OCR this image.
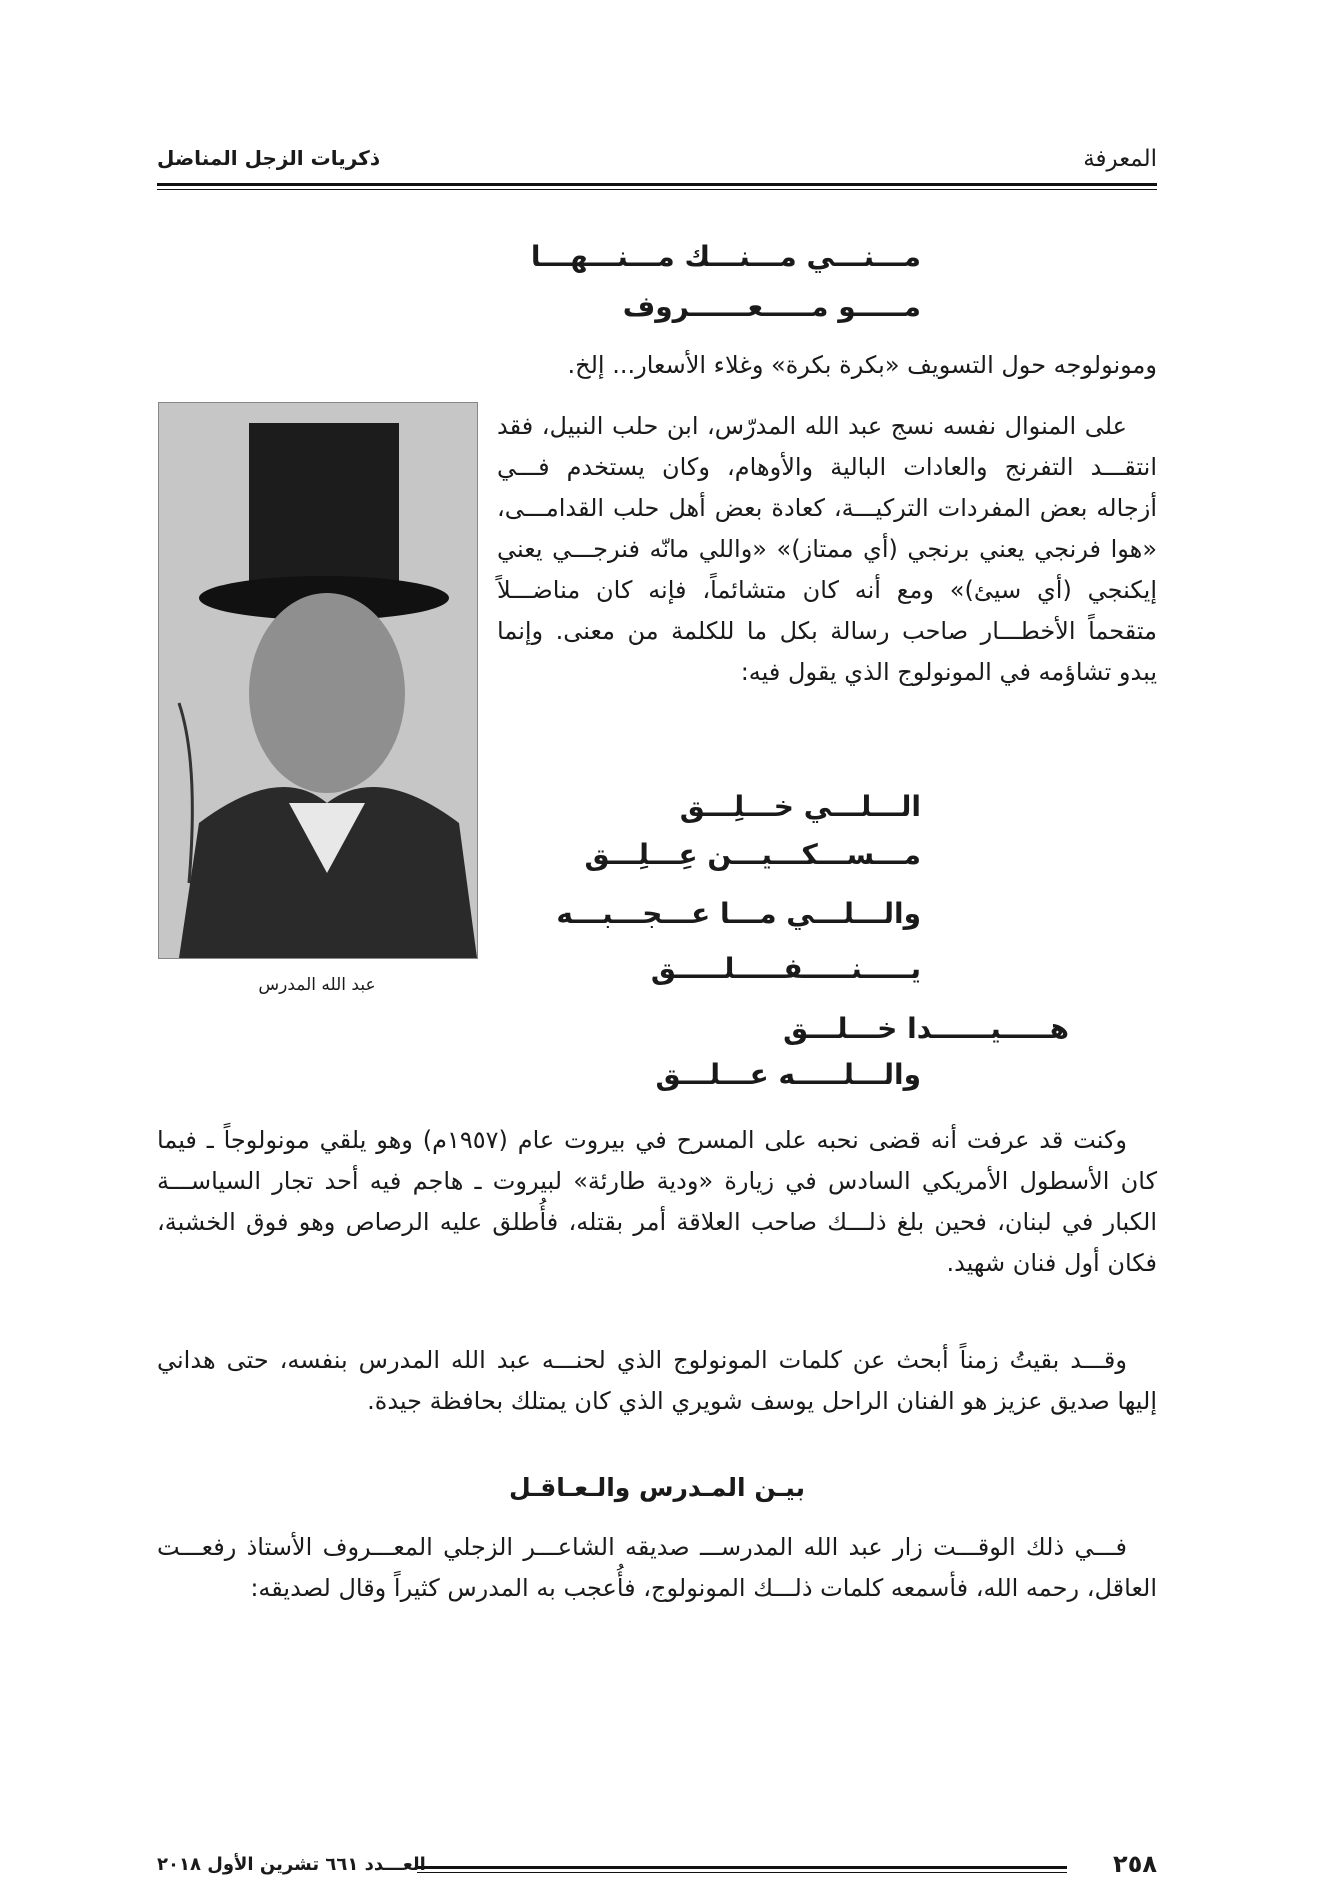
المعرفة
ذكريات الزجل المناضل
مـــنـــي مـــنـــك مـــنـــهـــا
مـــــو مـــــعــــــروف

ومونولوجه حول التسويف «بكرة بكرة» وغلاء الأسعار... إلخ.

على المنوال نفسه نسج عبد الله المدرّس، ابن حلب النبيل، فقد انتقـــد التفرنج والعادات البالية والأوهام، وكان يستخدم فـــي أزجاله بعض المفردات التركيـــة، كعادة بعض أهل حلب القدامـــى، «هوا فرنجي يعني برنجي (أي ممتاز)» «واللي مانّه فنرجـــي يعني إيكنجي (أي سيئ)» ومع أنه كان متشائماً، فإنه كان مناضـــلاً متقحماً الأخطـــار صاحب رسالة بكل ما للكلمة من معنى. وإنما يبدو تشاؤمه في المونولوج الذي يقول فيه:

عبد الله المدرس
الـــلـــي خـــلِـــق
مـــســـكـــيـــن عِـــلِـــق
والـــلـــي مـــا عـــجـــبـــه
يـــــنـــــفـــــلـــــق
هـــــيــــــدا خـــلـــق
والـــلـــــه عـــلـــق

وكنت قد عرفت أنه قضى نحبه على المسرح في بيروت عام (١٩٥٧م) وهو يلقي مونولوجاً ـ فيما كان الأسطول الأمريكي السادس في زيارة «ودية طارئة» لبيروت ـ هاجم فيه أحد تجار السياســـة الكبار في لبنان، فحين بلغ ذلـــك صاحب العلاقة أمر بقتله، فأُطلق عليه الرصاص وهو فوق الخشبة، فكان أول فنان شهيد.

وقـــد بقيتُ زمناً أبحث عن كلمات المونولوج الذي لحنـــه عبد الله المدرس بنفسه، حتى هداني إليها صديق عزيز هو الفنان الراحل يوسف شويري الذي كان يمتلك بحافظة جيدة.

بيـن المـدرس والـعـاقـل

فـــي ذلك الوقـــت زار عبد الله المدرســـ صديقه الشاعـــر الزجلي المعـــروف الأستاذ رفعـــت العاقل، رحمه الله، فأسمعه كلمات ذلـــك المونولوج، فأُعجب به المدرس كثيراً وقال لصديقه:

٢٥٨
العـــدد ٦٦١ تشرين الأول ٢٠١٨
